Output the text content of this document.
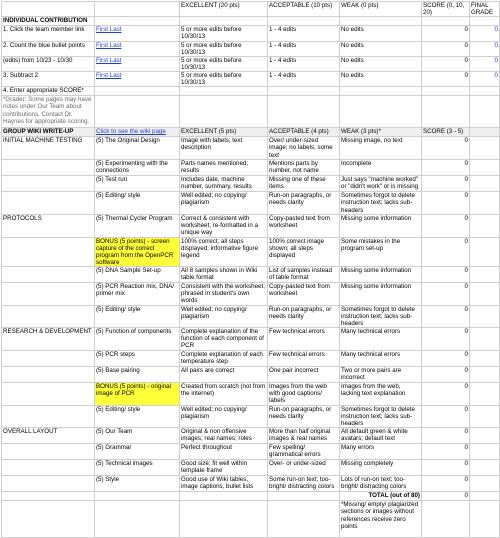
		EXCELLENT (20 pts)	ACCEPTABLE (10 pts)	WEAK (0 pts)	SCORE (0, 10, 20)	FINAL GRADE
INDIVIDUAL CONTRIBUTION						
1. Click the team member link	First Last	5 or more edits before 10/30/13	1 - 4 edits	No edits	0	0
2. Count the blue bullet points	First Last	5 or more edits before 10/30/13	1 - 4 edits	No edits	0	0
(edits) from 10/23 - 10/30	First Last	5 or more edits before 10/30/13	1 - 4 edits	No edits	0	0
3. Subtract 2	First Last	5 or more edits before 10/30/13	1 - 4 edits	No edits	0	0
4. Enter appropriate SCORE*						
*Grader: Some pages may have notes under Our Team about contributions. Contact Dr. Haynes for appropriate scoring.						
GROUP WIKI WRITE-UP	Click to see the wiki page	EXCELLENT (5 pts)	ACCEPTABLE (4 pts)	WEAK (3 pts)*	SCORE (3 - 5)	
INITIAL MACHINE TESTING	(5) The Original Design	Image with labels; text description	Over/ under-sized image; no labels; some text	Missing image, no text	0	
	(5) Experimenting with the connections	Parts names mentioned; results	Mentions parts by number, not name	Incomplete	0	
	(5) Test run	Includes date, machine number, summary, results	Missing one of these items	Just says "machine worked" or "didn't work" or is missing	0	
	(5) Editing/ style	Well edited; no copying/ plagiarism	Run-on paragraphs, or needs clarity	Sometimes forgot to delete instruction text; lacks sub-headers	0	
PROTOCOLS	(5) Thermal Cycler Program	Correct & consistent with worksheet; re-formatted in a unique way	Copy-pasted text from worksheet	Missing some information	0	
	BONUS (5 points) - screen capture of the correct program from the OpenPCR software	100% correct; all steps displayed; informative figure legend	100% correct image shown; all steps displayed	Some mistakes in the program set-up	0	
	(5) DNA Sample Set-up	All 8 samples shown in Wiki table format	List of samples instead of table format	Missing some information	0	
	(5) PCR Reaction mix, DNA/ primer mix	Consistent with the worksheet; phrased in student's own words	Copy-pasted text from worksheet	Missing some information	0	
	(5) Editing/ style	Well edited; no copying/ plagiarism	Run-on paragraphs, or needs clarity	Sometimes forgot to delete instruction text; lacks sub-headers	0	
RESEARCH & DEVELOPMENT	(5) Function of components	Complete explanation of the function of each component of PCR	Few technical errors	Many technical errors	0	
	(5) PCR steps	Complete explanation of each temperature step	Few technical errors	Many technical errors	0	
	(5) Base pairing	All pairs are correct	One pair incorrect	Two or more pairs are incorrect	0	
	BONUS (5 points) - original image of PCR	Created from scratch (not from the internet)	Images from the web with good captions/ labels	Images from the web, lacking text explanation	0	
	(5) Editing/ style	Well edited; no copying/ plagiarism	Run-on paragraphs, or needs clarity	Sometimes forgot to delete instruction text; lacks sub-headers	0	
OVERALL LAYOUT	(5) Our Team	Original & non offensive images; real names; roles	More than half original images & real names	All default green & white avatars; default text	0	
	(5) Grammar	Perfect throughout	Few spelling/ grammatical errors	Many errors	0	
	(5) Technical images	Good size; fit well within template frame	Over- or under-sized	Missing completely	0	
	(5) Style	Good use of Wiki tables, image captions, bullet lists	Some run-on text; too-bright/ distracting colors	Lots of run-on text; too-bright/ distracting colors	0	
				TOTAL (out of 80)	0	
				*Missing/ empty/ plagiarized sections or images without references receive zero points		
